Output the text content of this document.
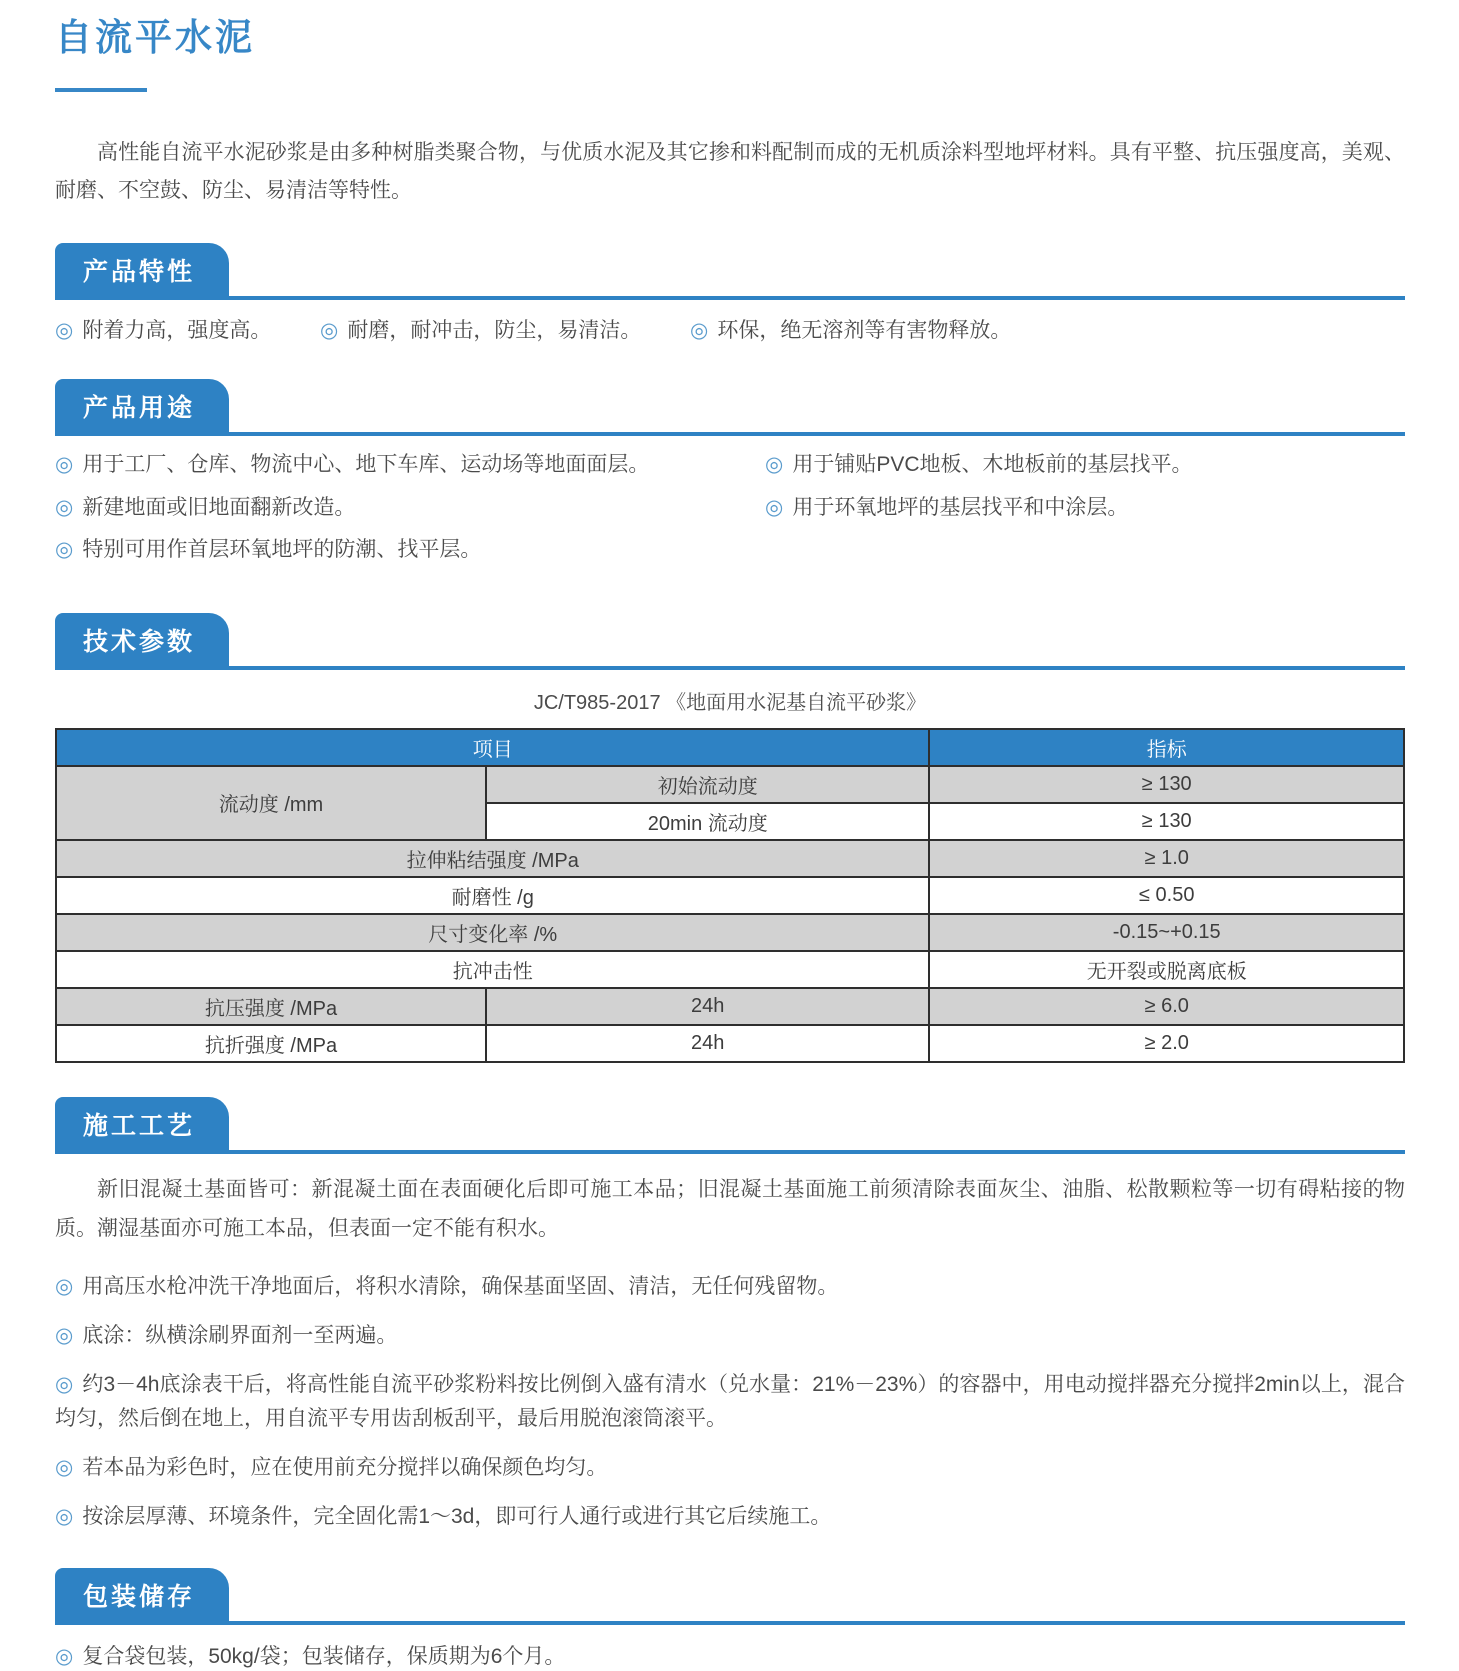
自流平水泥

高性能自流平水泥砂浆是由多种树脂类聚合物，与优质水泥及其它掺和料配制而成的无机质涂料型地坪材料。具有平整、抗压强度高，美观、耐磨、不空鼓、防尘、易清洁等特性。

产品特性
◎ 附着力高，强度高。	◎ 耐磨，耐冲击，防尘，易清洁。	◎ 环保，绝无溶剂等有害物释放。
产品用途
◎ 用于工厂、仓库、物流中心、地下车库、运动场等地面面层。
◎ 新建地面或旧地面翻新改造。
◎ 特别可用作首层环氧地坪的防潮、找平层。
◎ 用于铺贴PVC地板、木地板前的基层找平。
◎ 用于环氧地坪的基层找平和中涂层。
技术参数
JC/T985-2017 《地面用水泥基自流平砂浆》
项目		指标
流动度 /mm	初始流动度	≥ 130
	20min 流动度	≥ 130
拉伸粘结强度 /MPa		≥ 1.0
耐磨性 /g		≤ 0.50
尺寸变化率 /%		-0.15~+0.15
抗冲击性		无开裂或脱离底板
抗压强度 /MPa	24h	≥ 6.0
抗折强度 /MPa	24h	≥ 2.0
施工工艺

新旧混凝土基面皆可：新混凝土面在表面硬化后即可施工本品；旧混凝土基面施工前须清除表面灰尘、油脂、松散颗粒等一切有碍粘接的物质。潮湿基面亦可施工本品，但表面一定不能有积水。

◎ 用高压水枪冲洗干净地面后，将积水清除，确保基面坚固、清洁，无任何残留物。
◎ 底涂：纵横涂刷界面剂一至两遍。
◎ 约3－4h底涂表干后，将高性能自流平砂浆粉料按比例倒入盛有清水（兑水量：21%－23%）的容器中，用电动搅拌器充分搅拌2min以上，混合均匀，然后倒在地上，用自流平专用齿刮板刮平，最后用脱泡滚筒滚平。
◎ 若本品为彩色时，应在使用前充分搅拌以确保颜色均匀。
◎ 按涂层厚薄、环境条件，完全固化需1～3d，即可行人通行或进行其它后续施工。
包装储存
◎ 复合袋包装，50kg/袋；包装储存，保质期为6个月。
